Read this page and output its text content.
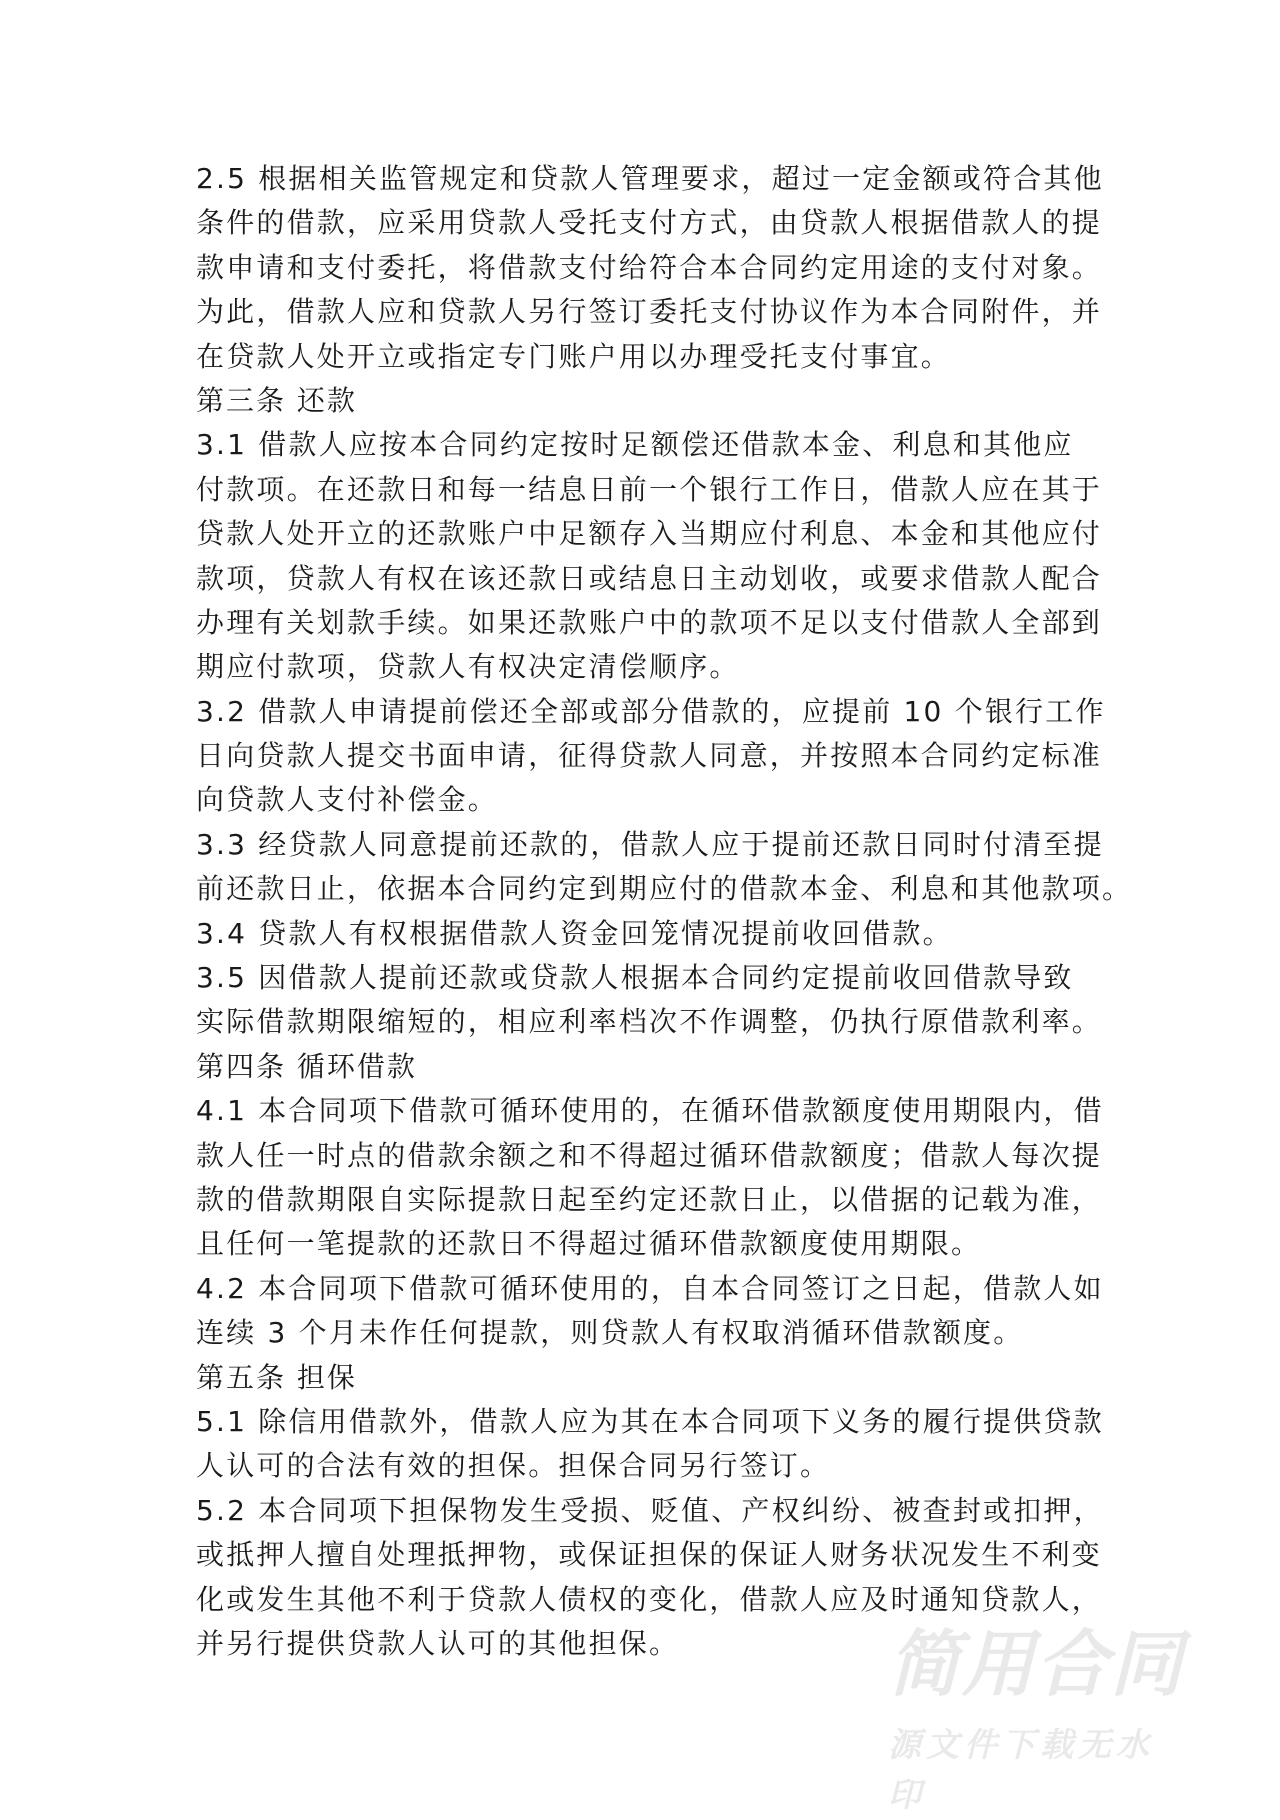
2.5 根据相关监管规定和贷款人管理要求，超过一定金额或符合其他
条件的借款，应采用贷款人受托支付方式，由贷款人根据借款人的提
款申请和支付委托，将借款支付给符合本合同约定用途的支付对象。
为此，借款人应和贷款人另行签订委托支付协议作为本合同附件，并
在贷款人处开立或指定专门账户用以办理受托支付事宜。
第三条 还款
3.1 借款人应按本合同约定按时足额偿还借款本金、利息和其他应
付款项。在还款日和每一结息日前一个银行工作日，借款人应在其于
贷款人处开立的还款账户中足额存入当期应付利息、本金和其他应付
款项，贷款人有权在该还款日或结息日主动划收，或要求借款人配合
办理有关划款手续。如果还款账户中的款项不足以支付借款人全部到
期应付款项，贷款人有权决定清偿顺序。
3.2 借款人申请提前偿还全部或部分借款的，应提前 10 个银行工作
日向贷款人提交书面申请，征得贷款人同意，并按照本合同约定标准
向贷款人支付补偿金。
3.3 经贷款人同意提前还款的，借款人应于提前还款日同时付清至提
前还款日止，依据本合同约定到期应付的借款本金、利息和其他款项。
3.4 贷款人有权根据借款人资金回笼情况提前收回借款。
3.5 因借款人提前还款或贷款人根据本合同约定提前收回借款导致
实际借款期限缩短的，相应利率档次不作调整，仍执行原借款利率。
第四条 循环借款
4.1 本合同项下借款可循环使用的，在循环借款额度使用期限内，借
款人任一时点的借款余额之和不得超过循环借款额度；借款人每次提
款的借款期限自实际提款日起至约定还款日止，以借据的记载为准，
且任何一笔提款的还款日不得超过循环借款额度使用期限。
4.2 本合同项下借款可循环使用的，自本合同签订之日起，借款人如
连续 3 个月未作任何提款，则贷款人有权取消循环借款额度。
第五条 担保
5.1 除信用借款外，借款人应为其在本合同项下义务的履行提供贷款
人认可的合法有效的担保。担保合同另行签订。
5.2 本合同项下担保物发生受损、贬值、产权纠纷、被查封或扣押，
或抵押人擅自处理抵押物，或保证担保的保证人财务状况发生不利变
化或发生其他不利于贷款人债权的变化，借款人应及时通知贷款人，
并另行提供贷款人认可的其他担保。	简用合同
源文件下载无水印
